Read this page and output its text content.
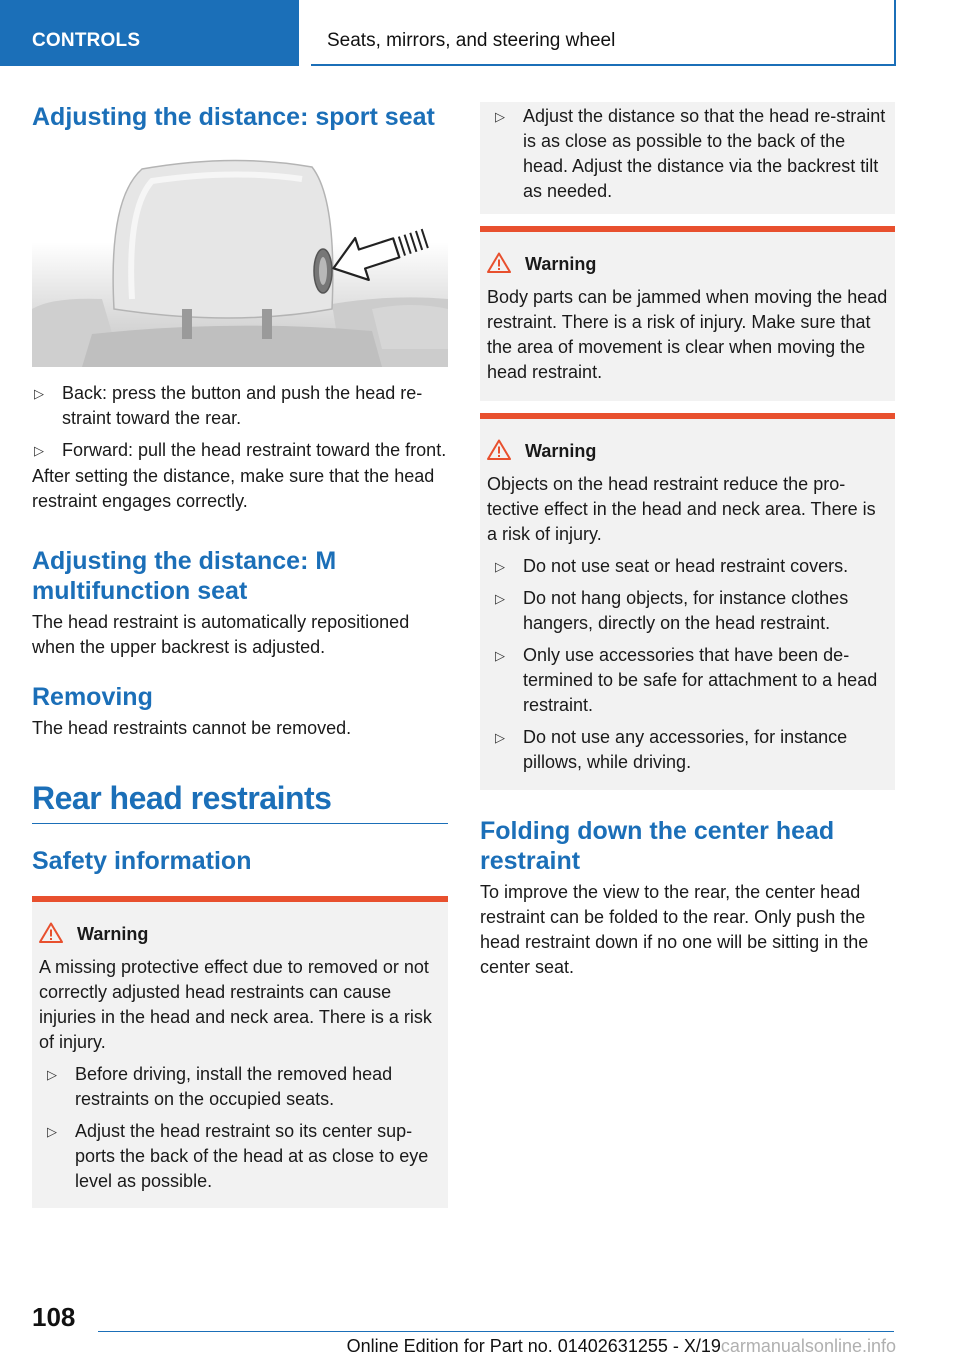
CONTROLS	Seats, mirrors, and steering wheel
Adjusting the distance: sport seat
▷ Back: press the button and push the head re-straint toward the rear.
▷ Forward: pull the head restraint toward the front.

After setting the distance, make sure that the head restraint engages correctly.

Adjusting the distance: M multifunction seat

The head restraint is automatically repositioned when the upper backrest is adjusted.

Removing

The head restraints cannot be removed.

Rear head restraints
Safety information
Warning

A missing protective effect due to removed or not correctly adjusted head restraints can cause injuries in the head and neck area. There is a risk of injury.

▷ Before driving, install the removed head restraints on the occupied seats.
▷ Adjust the head restraint so its center sup-ports the back of the head at as close to eye level as possible.
▷ Adjust the distance so that the head re-straint is as close as possible to the back of the head. Adjust the distance via the backrest tilt as needed.
Warning

Body parts can be jammed when moving the head restraint. There is a risk of injury. Make sure that the area of movement is clear when moving the head restraint.

Warning

Objects on the head restraint reduce the pro-tective effect in the head and neck area. There is a risk of injury.

▷ Do not use seat or head restraint covers.
▷ Do not hang objects, for instance clothes hangers, directly on the head restraint.
▷ Only use accessories that have been de-termined to be safe for attachment to a head restraint.
▷ Do not use any accessories, for instance pillows, while driving.
Folding down the center head restraint

To improve the view to the rear, the center head restraint can be folded to the rear. Only push the head restraint down if no one will be sitting in the center seat.

108
Online Edition for Part no. 01402631255 - X/19carmanualsonline.info
